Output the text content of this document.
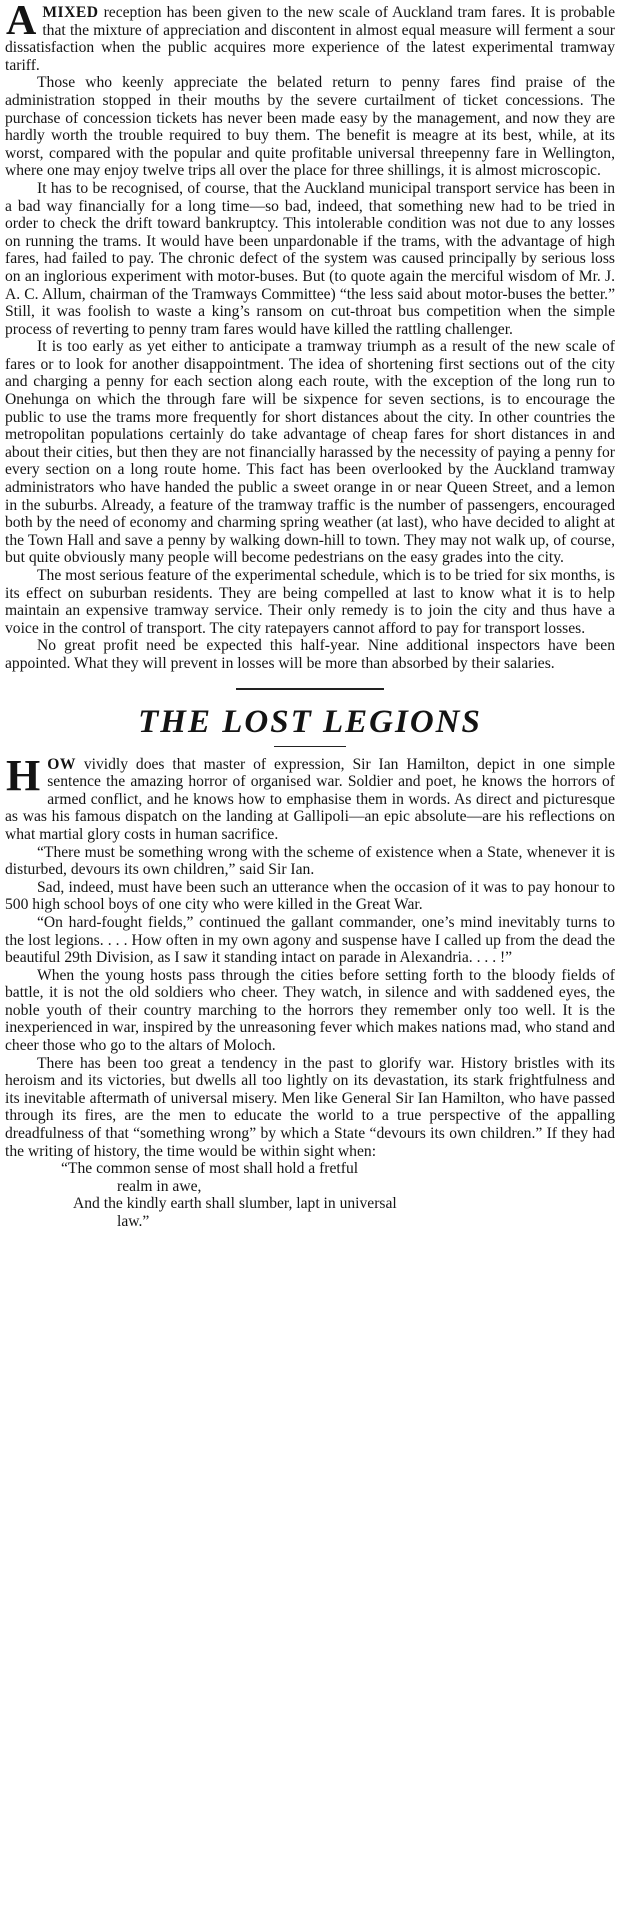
AMIXED reception has been given to the new scale of Auckland tram fares. It is probable that the mixture of appreciation and discontent in almost equal measure will ferment a sour dissatisfaction when the public acquires more experience of the latest experimental tramway tariff.

Those who keenly appreciate the belated return to penny fares find praise of the administration stopped in their mouths by the severe curtailment of ticket concessions. The purchase of concession tickets has never been made easy by the management, and now they are hardly worth the trouble required to buy them. The benefit is meagre at its best, while, at its worst, compared with the popular and quite profitable universal threepenny fare in Wellington, where one may enjoy twelve trips all over the place for three shillings, it is almost microscopic.

It has to be recognised, of course, that the Auckland municipal transport service has been in a bad way financially for a long time—so bad, indeed, that something new had to be tried in order to check the drift toward bankruptcy. This intolerable condition was not due to any losses on running the trams. It would have been unpardonable if the trams, with the advantage of high fares, had failed to pay. The chronic defect of the system was caused principally by serious loss on an inglorious experiment with motor-buses. But (to quote again the merciful wisdom of Mr. J. A. C. Allum, chairman of the Tramways Committee) “the less said about motor-buses the better.” Still, it was foolish to waste a king’s ransom on cut-throat bus competition when the simple process of reverting to penny tram fares would have killed the rattling challenger.

It is too early as yet either to anticipate a tramway triumph as a result of the new scale of fares or to look for another disappointment. The idea of shortening first sections out of the city and charging a penny for each section along each route, with the exception of the long run to Onehunga on which the through fare will be sixpence for seven sections, is to encourage the public to use the trams more frequently for short distances about the city. In other countries the metropolitan populations certainly do take advantage of cheap fares for short distances in and about their cities, but then they are not financially harassed by the necessity of paying a penny for every section on a long route home. This fact has been overlooked by the Auckland tramway administrators who have handed the public a sweet orange in or near Queen Street, and a lemon in the suburbs. Already, a feature of the tramway traffic is the number of passengers, encouraged both by the need of economy and charming spring weather (at last), who have decided to alight at the Town Hall and save a penny by walking down-hill to town. They may not walk up, of course, but quite obviously many people will become pedestrians on the easy grades into the city.

The most serious feature of the experimental schedule, which is to be tried for six months, is its effect on suburban residents. They are being compelled at last to know what it is to help maintain an expensive tramway service. Their only remedy is to join the city and thus have a voice in the control of transport. The city ratepayers cannot afford to pay for transport losses.

No great profit need be expected this half-year. Nine additional inspectors have been appointed. What they will prevent in losses will be more than absorbed by their salaries.

THE LOST LEGIONS

HOW vividly does that master of expression, Sir Ian Hamilton, depict in one simple sentence the amazing horror of organised war. Soldier and poet, he knows the horrors of armed conflict, and he knows how to emphasise them in words. As direct and picturesque as was his famous dispatch on the landing at Gallipoli—an epic absolute—are his reflections on what martial glory costs in human sacrifice.

“There must be something wrong with the scheme of existence when a State, whenever it is disturbed, devours its own children,” said Sir Ian.

Sad, indeed, must have been such an utterance when the occasion of it was to pay honour to 500 high school boys of one city who were killed in the Great War.

“On hard-fought fields,” continued the gallant commander, one’s mind inevitably turns to the lost legions. . . . How often in my own agony and suspense have I called up from the dead the beautiful 29th Division, as I saw it standing intact on parade in Alexandria. . . . !”

When the young hosts pass through the cities before setting forth to the bloody fields of battle, it is not the old soldiers who cheer. They watch, in silence and with saddened eyes, the noble youth of their country marching to the horrors they remember only too well. It is the inexperienced in war, inspired by the unreasoning fever which makes nations mad, who stand and cheer those who go to the altars of Moloch.

There has been too great a tendency in the past to glorify war. History bristles with its heroism and its victories, but dwells all too lightly on its devastation, its stark frightfulness and its inevitable aftermath of universal misery. Men like General Sir Ian Hamilton, who have passed through its fires, are the men to educate the world to a true perspective of the appalling dreadfulness of that “something wrong” by which a State “devours its own children.” If they had the writing of history, the time would be within sight when:

“The common sense of most shall hold a fretful
realm in awe,
And the kindly earth shall slumber, lapt in universal
law.”
